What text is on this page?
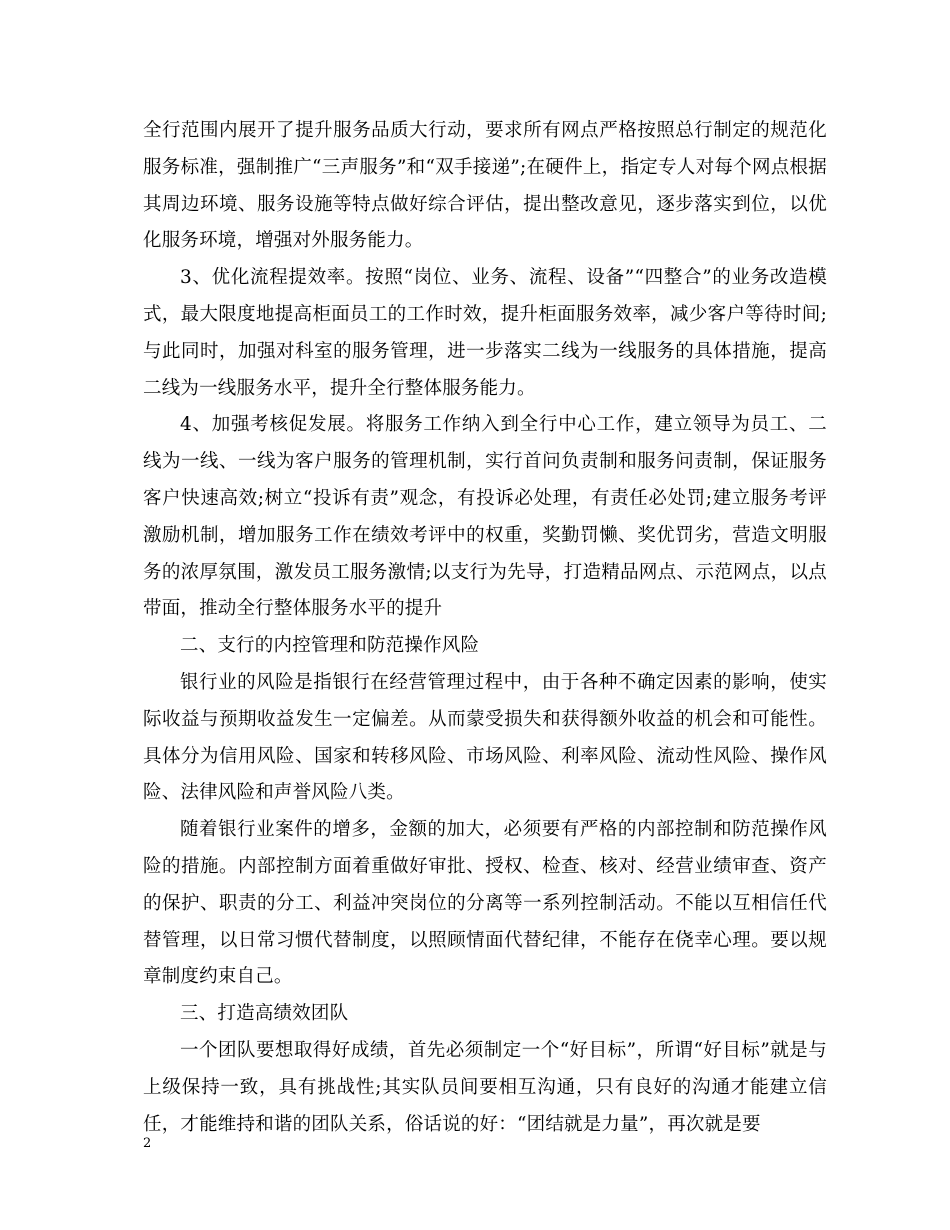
全行范围内展开了提升服务品质大行动，要求所有网点严格按照总行制定的规范化服务标准，强制推广“三声服务”和“双手接递”;在硬件上，指定专人对每个网点根据其周边环境、服务设施等特点做好综合评估，提出整改意见，逐步落实到位，以优化服务环境，增强对外服务能力。

3、优化流程提效率。按照“岗位、业务、流程、设备”“四整合”的业务改造模式，最大限度地提高柜面员工的工作时效，提升柜面服务效率，减少客户等待时间;与此同时，加强对科室的服务管理，进一步落实二线为一线服务的具体措施，提高二线为一线服务水平，提升全行整体服务能力。

4、加强考核促发展。将服务工作纳入到全行中心工作，建立领导为员工、二线为一线、一线为客户服务的管理机制，实行首问负责制和服务问责制，保证服务客户快速高效;树立“投诉有责”观念，有投诉必处理，有责任必处罚;建立服务考评激励机制，增加服务工作在绩效考评中的权重，奖勤罚懒、奖优罚劣，营造文明服务的浓厚氛围，激发员工服务激情;以支行为先导，打造精品网点、示范网点，以点带面，推动全行整体服务水平的提升

二、支行的内控管理和防范操作风险

银行业的风险是指银行在经营管理过程中，由于各种不确定因素的影响，使实际收益与预期收益发生一定偏差。从而蒙受损失和获得额外收益的机会和可能性。具体分为信用风险、国家和转移风险、市场风险、利率风险、流动性风险、操作风险、法律风险和声誉风险八类。

随着银行业案件的增多，金额的加大，必须要有严格的内部控制和防范操作风险的措施。内部控制方面着重做好审批、授权、检查、核对、经营业绩审查、资产的保护、职责的分工、利益冲突岗位的分离等一系列控制活动。不能以互相信任代替管理，以日常习惯代替制度，以照顾情面代替纪律，不能存在侥幸心理。要以规章制度约束自己。

三、打造高绩效团队

一个团队要想取得好成绩，首先必须制定一个“好目标”，所谓“好目标”就是与上级保持一致，具有挑战性;其实队员间要相互沟通，只有良好的沟通才能建立信任，才能维持和谐的团队关系，俗话说的好：“团结就是力量”，再次就是要

2
